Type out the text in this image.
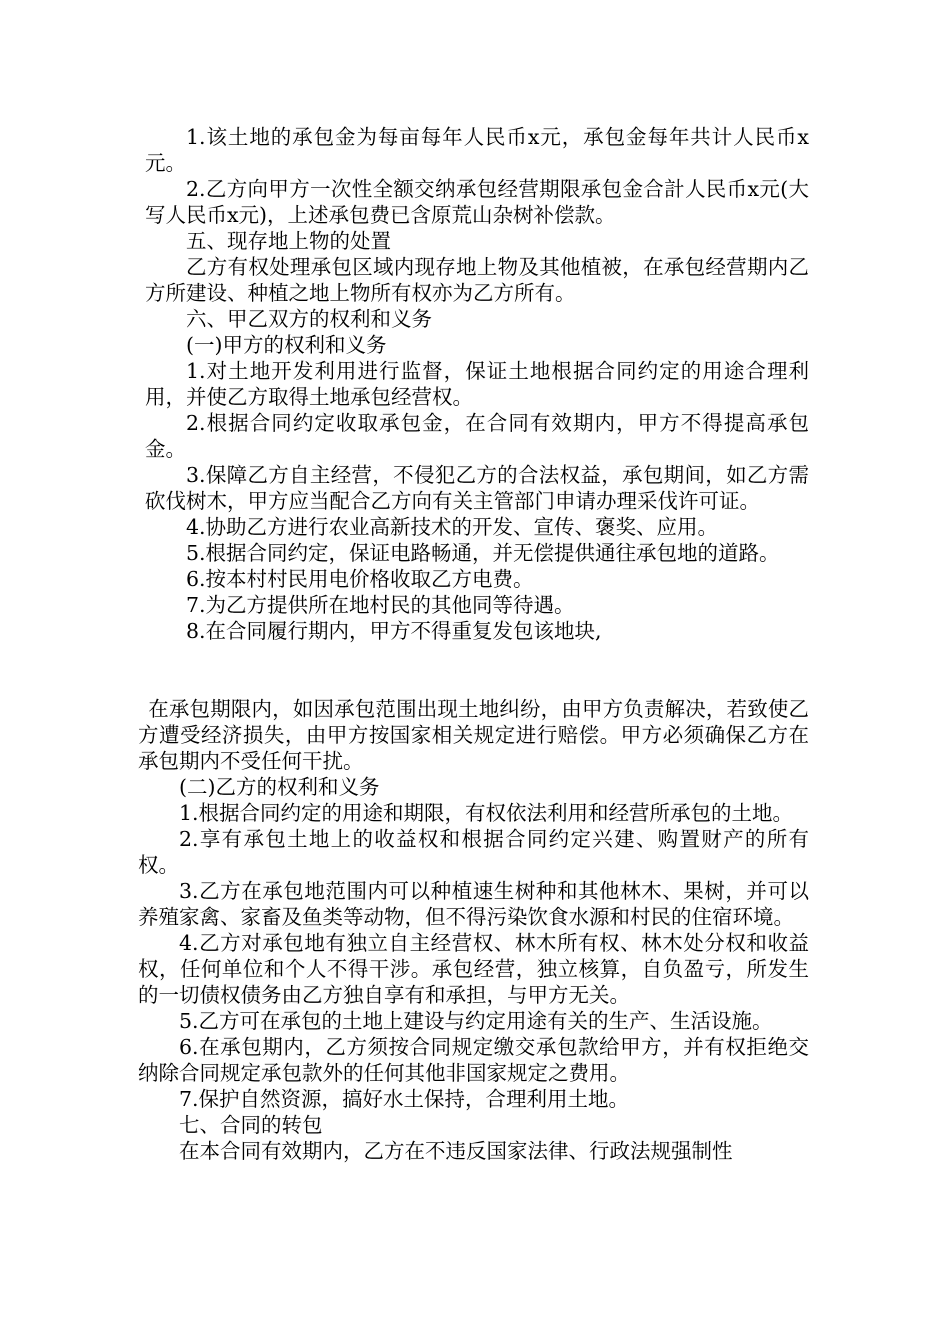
1.该土地的承包金为每亩每年人民币x元，承包金每年共计人民币x元。

2.乙方向甲方一次性全额交纳承包经营期限承包金合計人民币x元(大写人民币x元)，上述承包费已含原荒山杂树补偿款。

五、现存地上物的处置

乙方有权处理承包区域内现存地上物及其他植被，在承包经营期内乙方所建设、种植之地上物所有权亦为乙方所有。

六、甲乙双方的权利和义务

(一)甲方的权利和义务

1.对土地开发利用进行监督，保证土地根据合同约定的用途合理利用，并使乙方取得土地承包经营权。

2.根据合同约定收取承包金，在合同有效期内，甲方不得提高承包金。

3.保障乙方自主经营，不侵犯乙方的合法权益，承包期间，如乙方需砍伐树木，甲方应当配合乙方向有关主管部门申请办理采伐许可证。

4.协助乙方进行农业高新技术的开发、宣传、褒奖、应用。

5.根据合同约定，保证电路畅通，并无偿提供通往承包地的道路。

6.按本村村民用电价格收取乙方电费。

7.为乙方提供所在地村民的其他同等待遇。

8.在合同履行期内，甲方不得重复发包该地块,

在承包期限内，如因承包范围出现土地纠纷，由甲方负责解决，若致使乙方遭受经济损失，由甲方按国家相关规定进行赔偿。甲方必须确保乙方在承包期内不受任何干扰。

(二)乙方的权利和义务

1.根据合同约定的用途和期限，有权依法利用和经营所承包的土地。

2.享有承包土地上的收益权和根据合同约定兴建、购置财产的所有权。

3.乙方在承包地范围内可以种植速生树种和其他林木、果树，并可以养殖家禽、家畜及鱼类等动物，但不得污染饮食水源和村民的住宿环境。

4.乙方对承包地有独立自主经营权、林木所有权、林木处分权和收益权，任何单位和个人不得干涉。承包经营，独立核算，自负盈亏，所发生的一切债权债务由乙方独自享有和承担，与甲方无关。

5.乙方可在承包的土地上建设与约定用途有关的生产、生活设施。

6.在承包期内，乙方须按合同规定缴交承包款给甲方，并有权拒绝交纳除合同规定承包款外的任何其他非国家规定之费用。

7.保护自然资源，搞好水土保持，合理利用土地。

七、合同的转包

在本合同有效期内，乙方在不违反国家法律、行政法规强制性
